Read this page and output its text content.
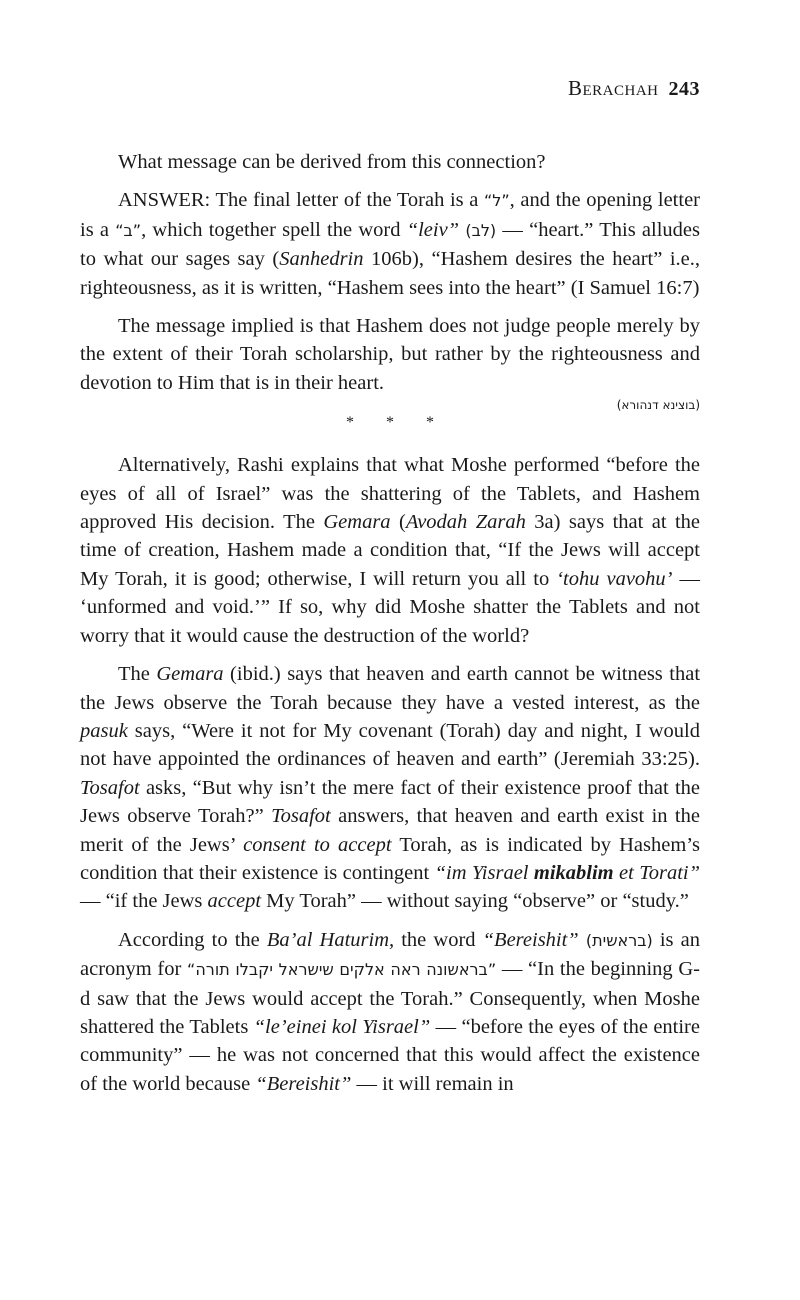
Berachah 243

What message can be derived from this connection?

ANSWER: The final letter of the Torah is a “ל”, and the opening letter is a “ב”, which together spell the word “leiv” (לב) — “heart.” This alludes to what our sages say (Sanhedrin 106b), “Hashem desires the heart” i.e., righteousness, as it is written, “Hashem sees into the heart” (I Samuel 16:7)

The message implied is that Hashem does not judge people merely by the extent of their Torah scholarship, but rather by the righteousness and devotion to Him that is in their heart.

(בוצינא דנהורא)
* * *

Alternatively, Rashi explains that what Moshe performed “before the eyes of all of Israel” was the shattering of the Tablets, and Hashem approved His decision. The Gemara (Avodah Zarah 3a) says that at the time of creation, Hashem made a condition that, “If the Jews will accept My Torah, it is good; otherwise, I will return you all to ‘tohu vavohu’ — ‘unformed and void.’” If so, why did Moshe shatter the Tablets and not worry that it would cause the destruction of the world?

The Gemara (ibid.) says that heaven and earth cannot be witness that the Jews observe the Torah because they have a vested interest, as the pasuk says, “Were it not for My covenant (Torah) day and night, I would not have appointed the ordinances of heaven and earth” (Jeremiah 33:25). Tosafot asks, “But why isn’t the mere fact of their existence proof that the Jews observe Torah?” Tosafot answers, that heaven and earth exist in the merit of the Jews’ consent to accept Torah, as is indicated by Hashem’s condition that their existence is contingent “im Yisrael mikablim et Torati” — “if the Jews accept My Torah” — without saying “observe” or “study.”

According to the Ba’al Haturim, the word “Bereishit” (בראשית) is an acronym for “בראשונה ראה אלקים שישראל יקבלו תורה” — “In the beginning G-d saw that the Jews would accept the Torah.” Consequently, when Moshe shattered the Tablets “le’einei kol Yisrael” — “before the eyes of the entire community” — he was not concerned that this would affect the existence of the world because “Bereishit” — it will remain in
